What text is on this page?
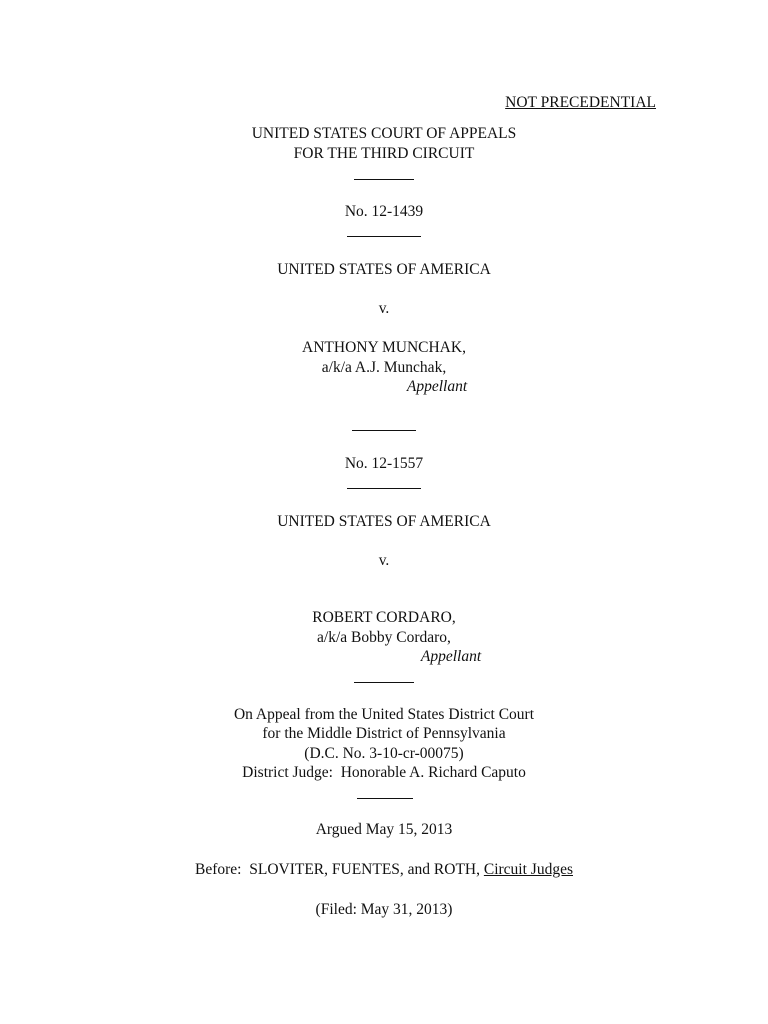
NOT PRECEDENTIAL
UNITED STATES COURT OF APPEALS
FOR THE THIRD CIRCUIT
No. 12-1439
UNITED STATES OF AMERICA
v.
ANTHONY MUNCHAK,
a/k/a A.J. Munchak,
Appellant
No. 12-1557
UNITED STATES OF AMERICA
v.
ROBERT CORDARO,
a/k/a Bobby Cordaro,
Appellant
On Appeal from the United States District Court
for the Middle District of Pennsylvania
(D.C. No. 3-10-cr-00075)
District Judge:  Honorable A. Richard Caputo
Argued May 15, 2013
Before:  SLOVITER, FUENTES, and ROTH, Circuit Judges
(Filed: May 31, 2013)
